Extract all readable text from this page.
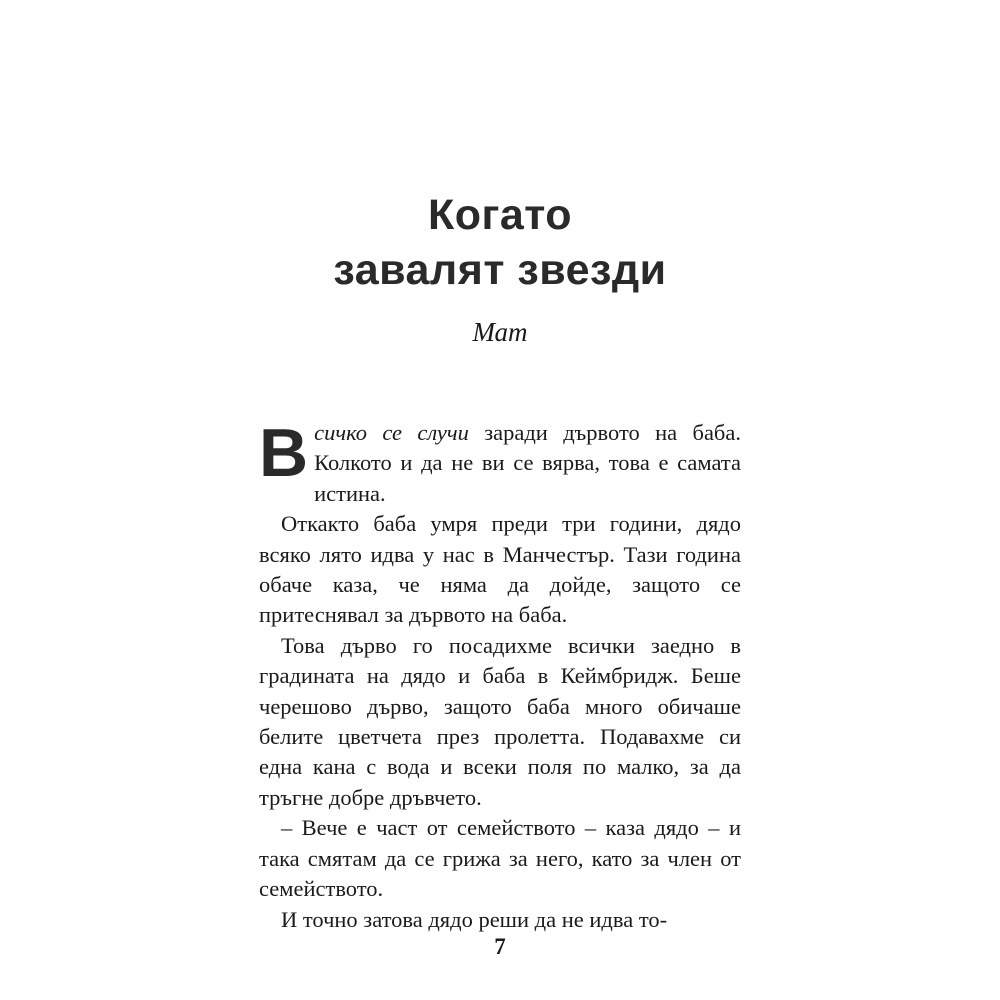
Когато
завалят звезди
Мат

Всичко се случи заради дървото на баба. Колкото и да не ви се вярва, това е самата истина.

Откакто баба умря преди три години, дядо всяко лято идва у нас в Манчестър. Тази година обаче каза, че няма да дойде, защото се притеснявал за дървото на баба.

Това дърво го посадихме всички заедно в градината на дядо и баба в Кеймбридж. Беше черешово дърво, защото баба много обичаше белите цветчета през пролетта. Подавахме си една кана с вода и всеки поля по малко, за да тръгне добре дръвчето.

– Вече е част от семейството – каза дядо – и така смятам да се грижа за него, като за член от семейството.

И точно затова дядо реши да не идва то-

7
